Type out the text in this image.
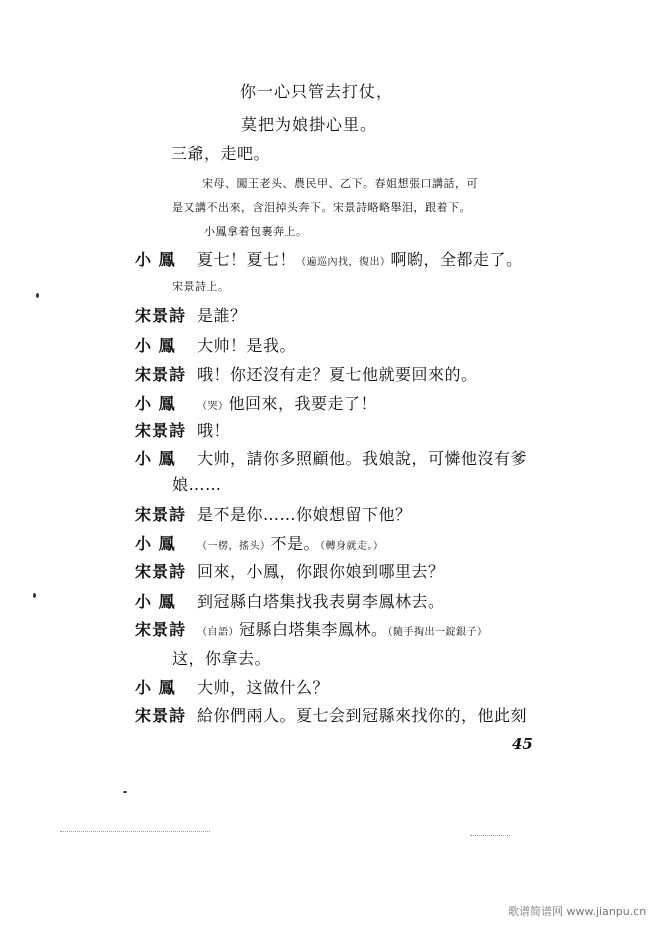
你一心只管去打仗，
莫把为娘掛心里。
三爺，走吧。
宋母、闖王老头、農民甲、乙下。春姐想張口講話，可
是又講不出來，含泪掉头奔下。宋景詩略略舉泪，跟着下。
小鳳拿着包裹奔上。
小 鳳 夏七！夏七！（遍巡內找，復出）啊喲，全都走了。
宋景詩上。
宋景詩 是誰？
小 鳳 大帅！是我。
宋景詩 哦！你还沒有走？夏七他就要回來的。
小 鳳 （哭）他回來，我要走了！
宋景詩 哦！
小 鳳 大帅，請你多照顧他。我娘說，可憐他沒有爹
娘……
宋景詩 是不是你……你娘想留下他？
小 鳳 （一楞，搖头）不是。（轉身就走。）
宋景詩 回來，小鳳，你跟你娘到哪里去？
小 鳳 到冠縣白塔集找我表舅李鳳林去。
宋景詩 （自語）冠縣白塔集李鳳林。（隨手掏出一錠銀子）
这，你拿去。
小 鳳 大帅，这做什么？
宋景詩 給你們兩人。夏七会到冠縣來找你的，他此刻
45
歌谱简谱网 www.jianpu.cn
